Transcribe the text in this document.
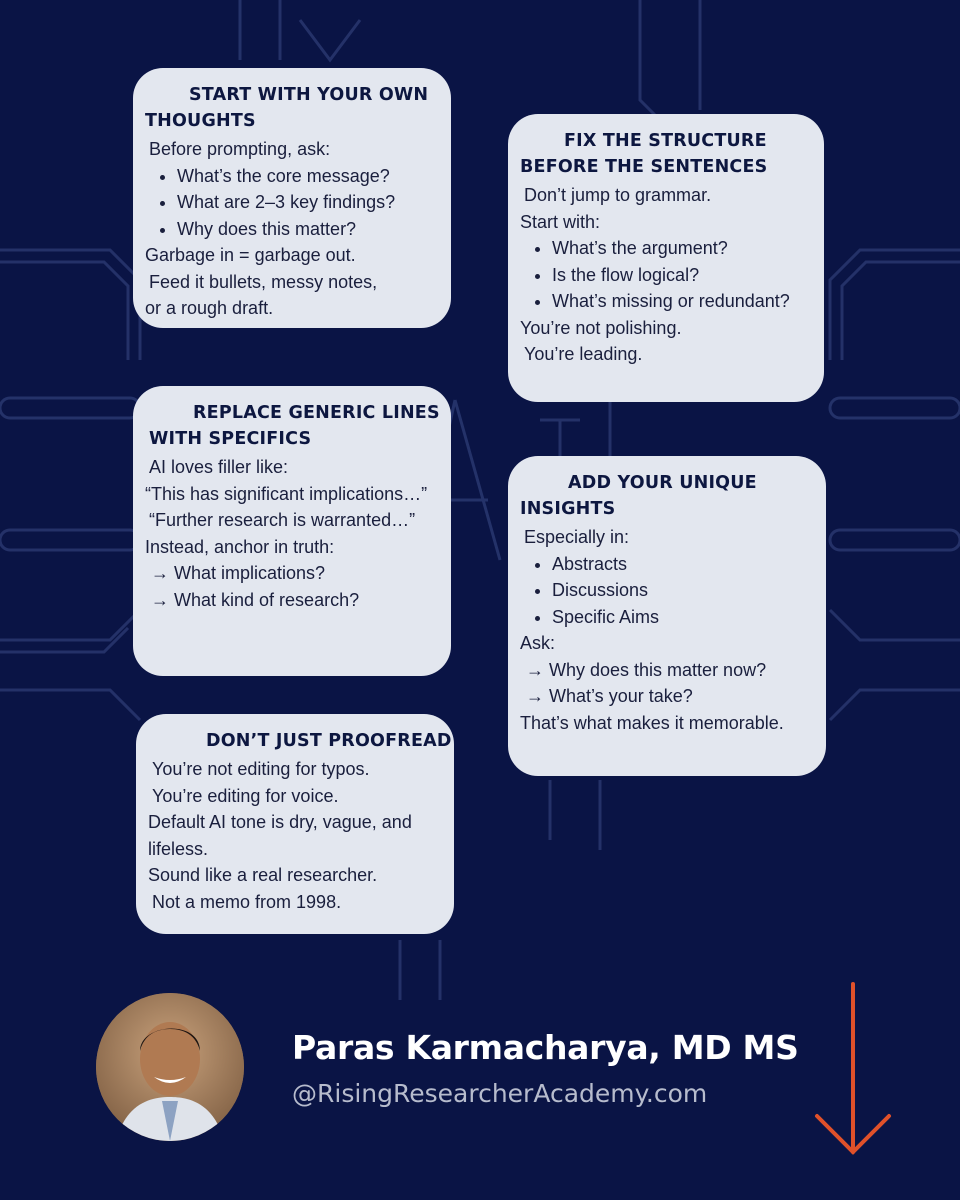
START WITH YOUR OWN
THOUGHTS

Before prompting, ask:

• What’s the core message?
• What are 2–3 key findings?
• Why does this matter?

Garbage in = garbage out.

Feed it bullets, messy notes,

or a rough draft.

FIX THE STRUCTURE
BEFORE THE SENTENCES

Don’t jump to grammar.

Start with:

• What’s the argument?
• Is the flow logical?
• What’s missing or redundant?

You’re not polishing.

You’re leading.

REPLACE GENERIC LINES
WITH SPECIFICS

AI loves filler like:

“This has significant implications…”

“Further research is warranted…”

Instead, anchor in truth:

→ What implications?

→ What kind of research?

ADD YOUR UNIQUE
INSIGHTS

Especially in:

• Abstracts
• Discussions
• Specific Aims

Ask:

→ Why does this matter now?

→ What’s your take?

That’s what makes it memorable.

DON’T JUST PROOFREAD

You’re not editing for typos.

You’re editing for voice.

Default AI tone is dry, vague, and lifeless.

Sound like a real researcher.

Not a memo from 1998.

Paras Karmacharya, MD MS
@RisingResearcherAcademy.com
